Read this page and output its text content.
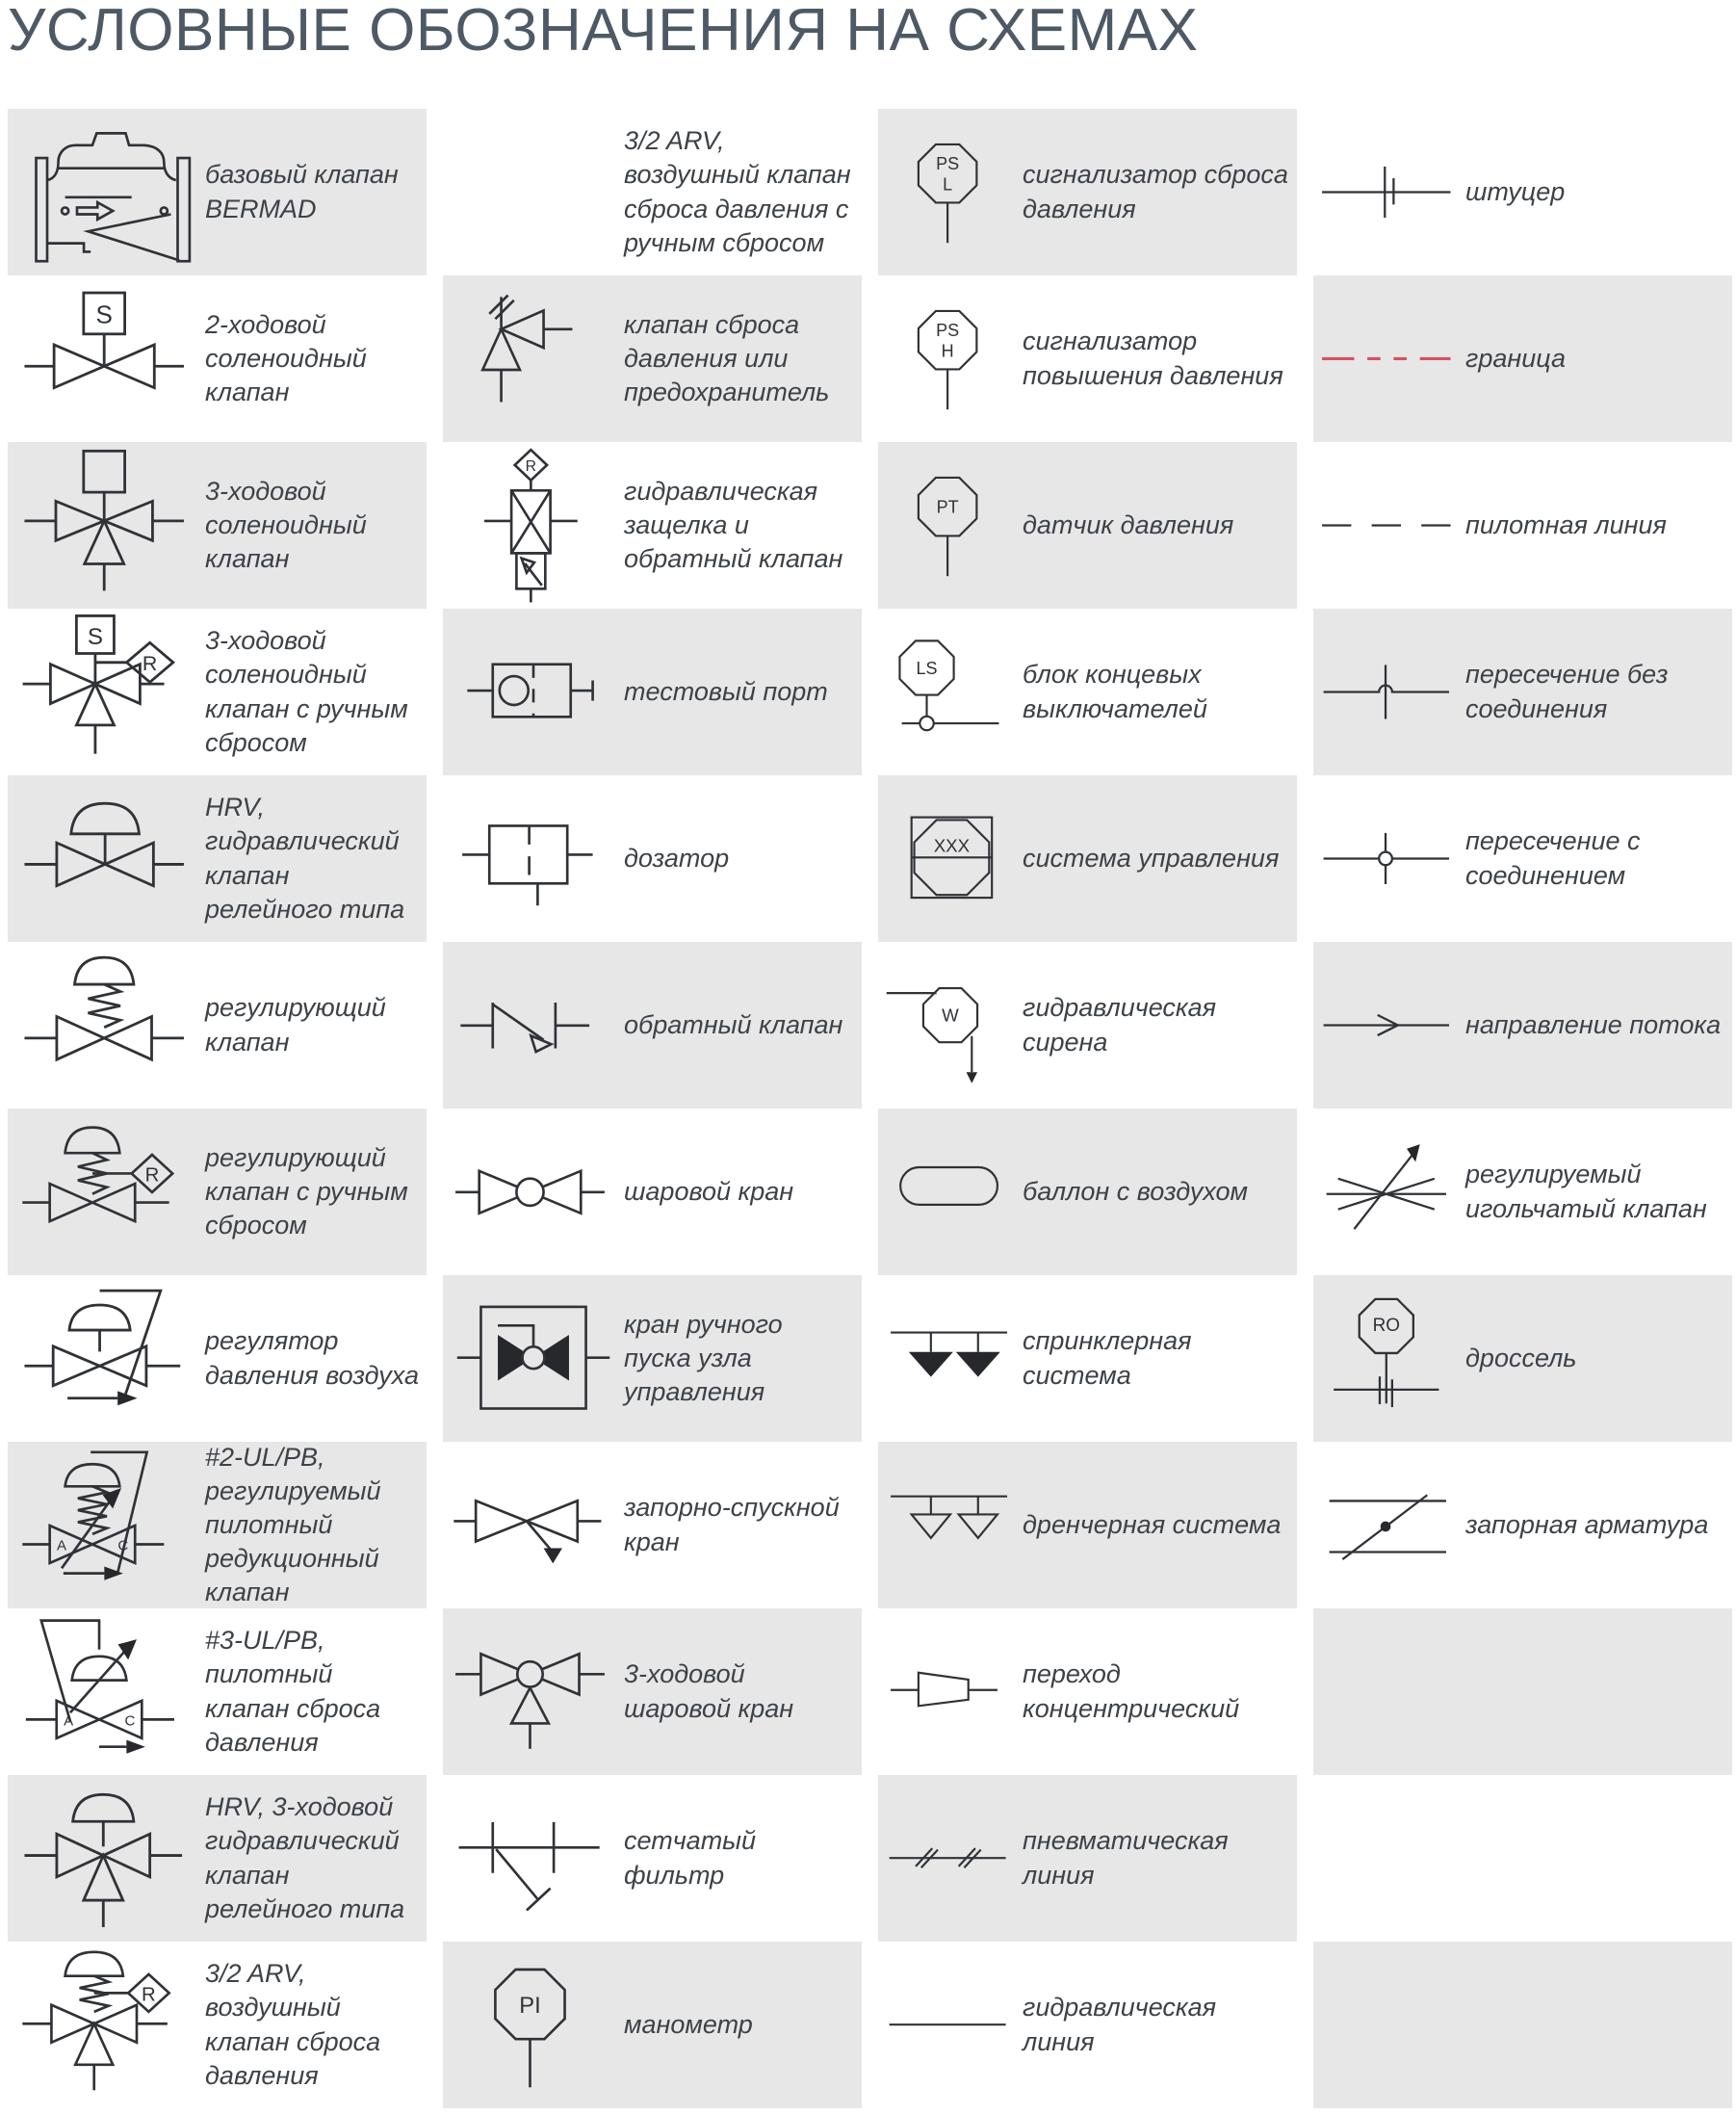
УСЛОВНЫЕ ОБОЗНАЧЕНИЯ НА СХЕМАХ
базовый клапан BERMAD
S	2-ходовой соленоидный клапан
3-ходовой соленоидный клапан
S
R
3-ходовой соленоидный клапан с ручным сбросом
HRV, гидравлический клапан релейного типа
регулирующий клапан
R
регулирующий клапан с ручным сбросом
регулятор давления воздуха
A	C
#2-UL/PB, регулируемый пилотный редукционный клапан
A	C
#3-UL/PB, пилотный клапан сброса давления
HRV, 3-ходовой гидравлический клапан релейного типа
R
3/2 ARV, воздушный клапан сброса давления
3/2 ARV, воздушный клапан сброса давления с ручным сбросом
клапан сброса давления или предохранитель
R
гидравлическая защелка и обратный клапан
тестовый порт
дозатор
обратный клапан
шаровой кран
кран ручного пуска узла управления
запорно-спускной кран
3-ходовой шаровой кран
сетчатый фильтр
PI
манометр
PS
L	сигнализатор сброса давления
PS
H	сигнализатор повышения давления
PT
датчик давления
LS	блок концевых выключателей
XXX система управления
W гидравлическая сирена
баллон с воздухом
спринклерная система
дренчерная система
переход концентрический
пневматическая линия
гидравлическая линия
штуцер
граница
пилотная линия
пересечение без соединения
пересечение с соединением
направление потока
регулируемый игольчатый клапан
RO
дроссель
запорная арматура
